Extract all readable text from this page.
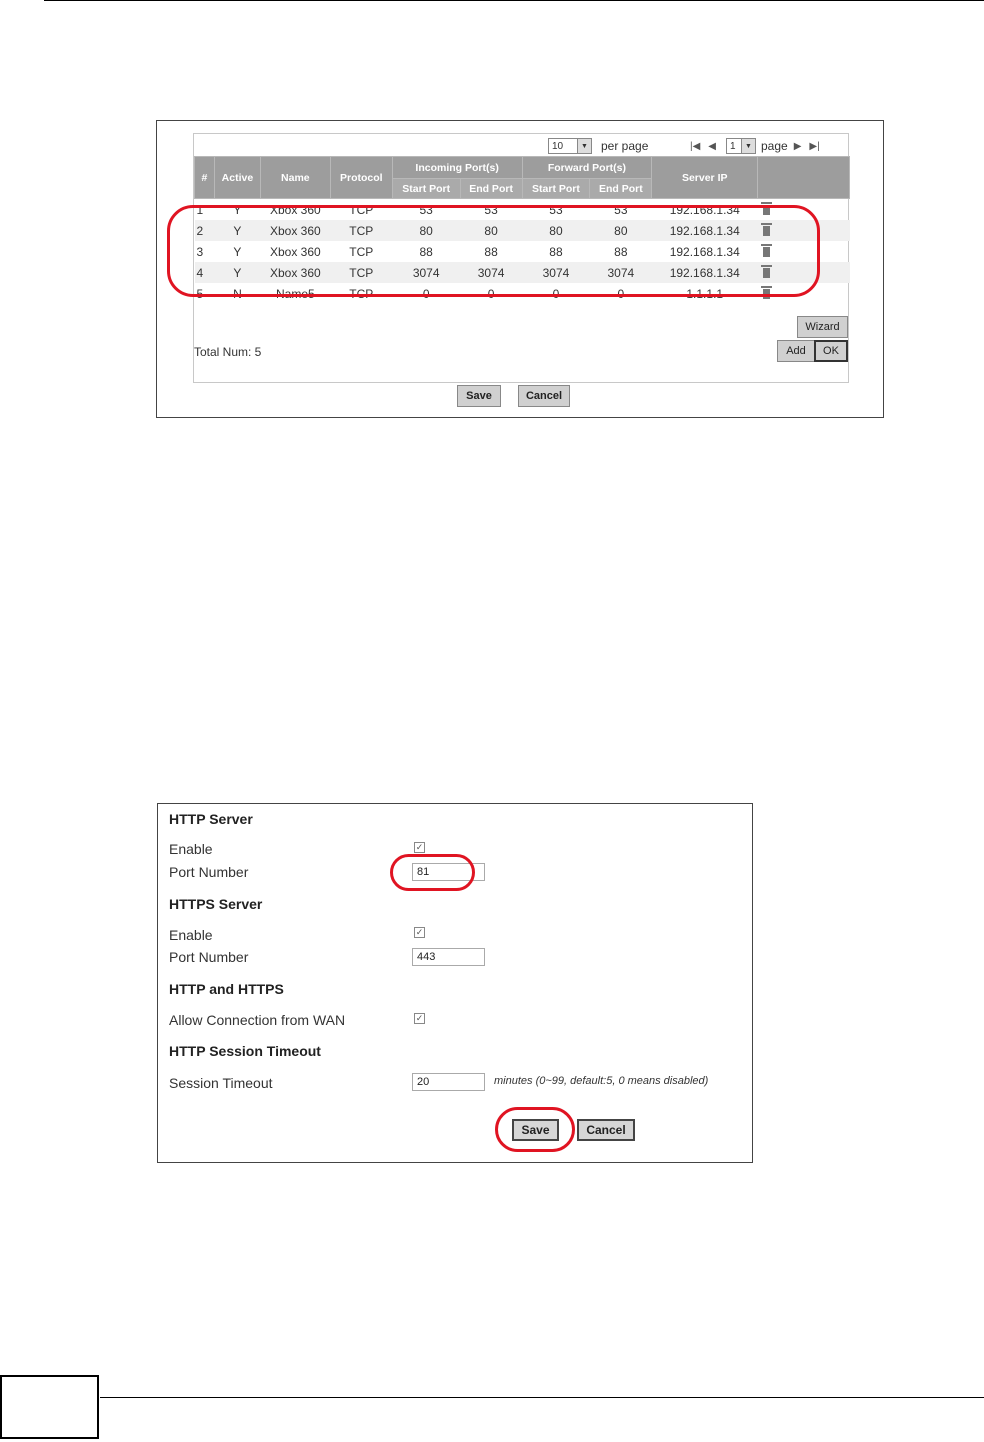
10	▼ per page	|◀ ◀ 1	▼ page ▶ ▶|
#	Active	Name	Protocol	Incoming Port(s)		Forward Port(s)		Server IP	
				Start Port	End Port	Start Port	End Port		
1	Y	Xbox 360	TCP	53	53	53	53	192.168.1.34	
2	Y	Xbox 360	TCP	80	80	80	80	192.168.1.34	
3	Y	Xbox 360	TCP	88	88	88	88	192.168.1.34	
4	Y	Xbox 360	TCP	3074	3074	3074	3074	192.168.1.34	
5	N	Name5	TCP	0	0	0	0	1.1.1.1	
Total Num: 5
Wizard
Add	OK
Save	Cancel
HTTP Server
Enable	✓
Port Number
81
HTTPS Server
Enable	✓
Port Number
443
HTTP and HTTPS
Allow Connection from WAN	✓
HTTP Session Timeout
Session Timeout
20	minutes (0~99, default:5, 0 means disabled)
Save	Cancel
